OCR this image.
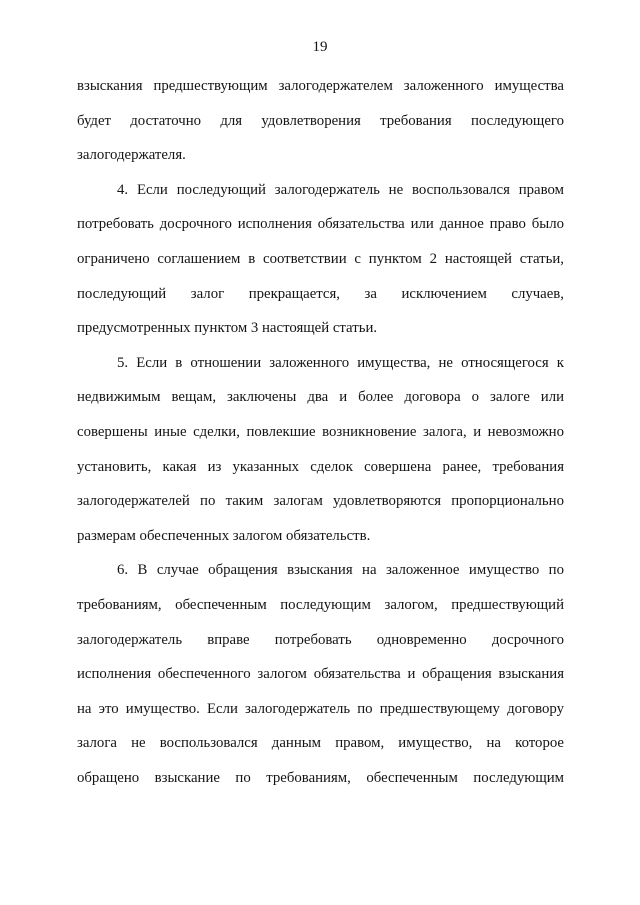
19
взыскания предшествующим залогодержателем заложенного имущества
будет достаточно для удовлетворения требования последующего
залогодержателя.
4. Если последующий залогодержатель не воспользовался правом
потребовать досрочного исполнения обязательства или данное право было
ограничено соглашением в соответствии с пунктом 2 настоящей статьи,
последующий залог прекращается, за исключением случаев,
предусмотренных пунктом 3 настоящей статьи.
5. Если в отношении заложенного имущества, не относящегося к
недвижимым вещам, заключены два и более договора о залоге или
совершены иные сделки, повлекшие возникновение залога, и невозможно
установить, какая из указанных сделок совершена ранее, требования
залогодержателей по таким залогам удовлетворяются пропорционально
размерам обеспеченных залогом обязательств.
6. В случае обращения взыскания на заложенное имущество по
требованиям, обеспеченным последующим залогом, предшествующий
залогодержатель вправе потребовать одновременно досрочного
исполнения обеспеченного залогом обязательства и обращения взыскания
на это имущество. Если залогодержатель по предшествующему договору
залога не воспользовался данным правом, имущество, на которое
обращено взыскание по требованиям, обеспеченным последующим
